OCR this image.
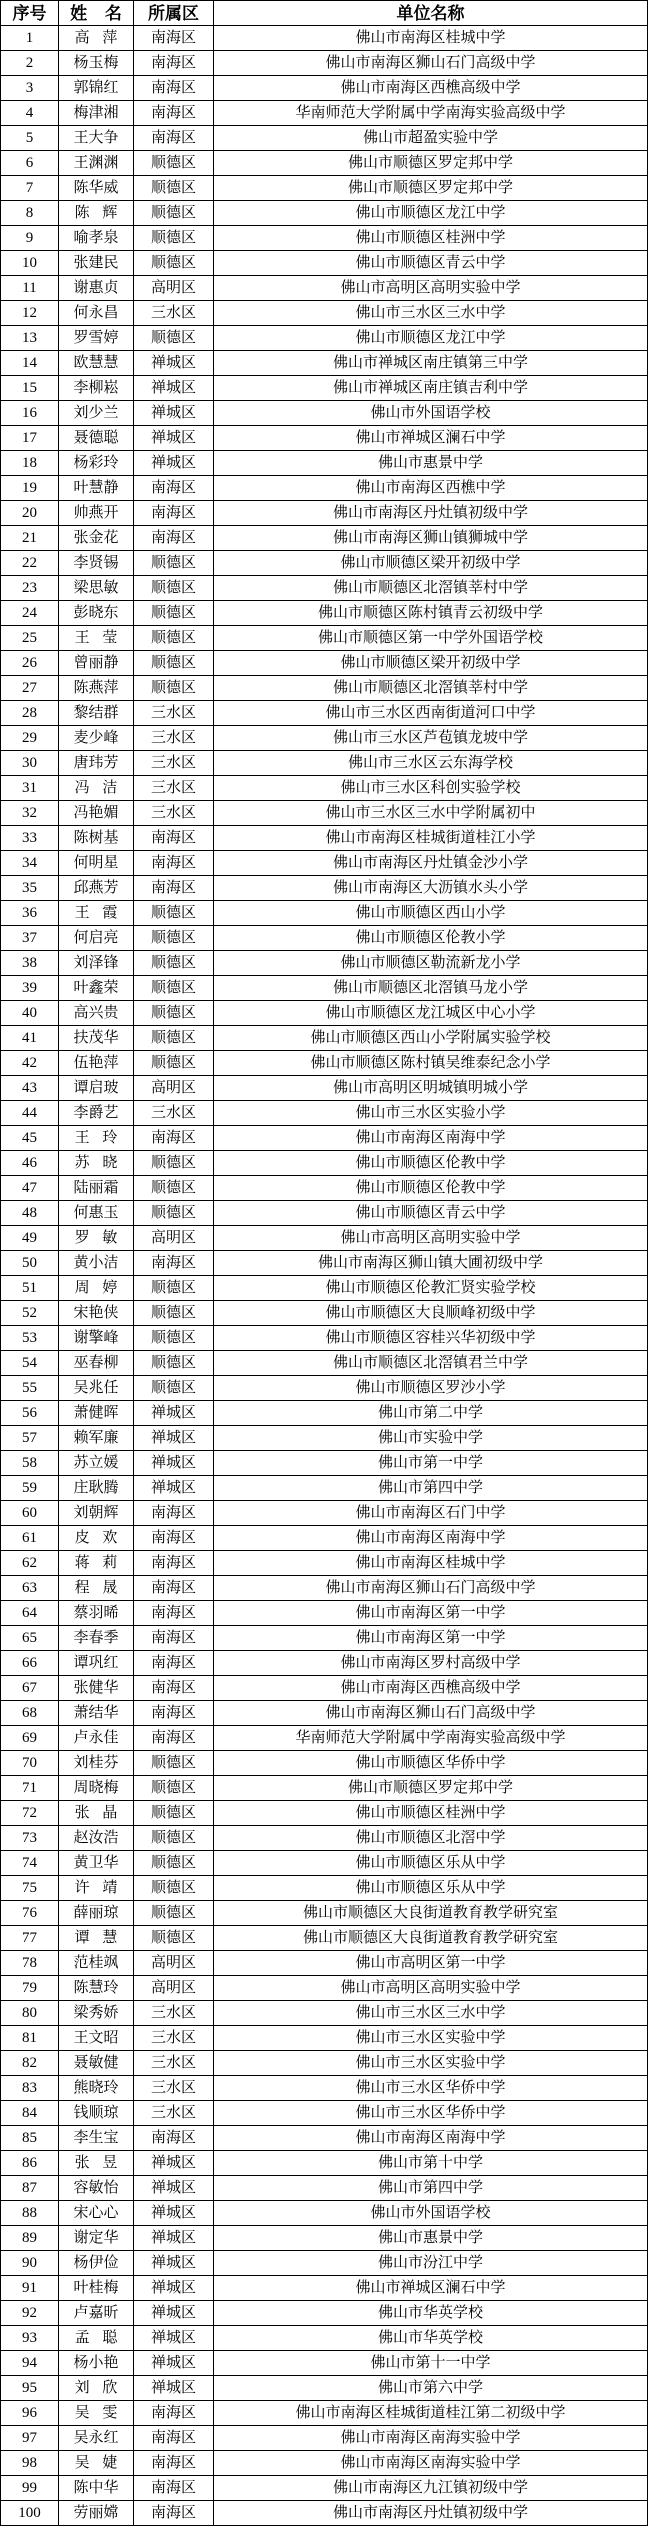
序号	姓 名	所属区	单位名称
1	高 萍	南海区	佛山市南海区桂城中学
2	杨玉梅	南海区	佛山市南海区狮山石门高级中学
3	郭锦红	南海区	佛山市南海区西樵高级中学
4	梅津湘	南海区	华南师范大学附属中学南海实验高级中学
5	王大争	南海区	佛山市超盈实验中学
6	王渊渊	顺德区	佛山市顺德区罗定邦中学
7	陈华威	顺德区	佛山市顺德区罗定邦中学
8	陈 辉	顺德区	佛山市顺德区龙江中学
9	喻孝泉	顺德区	佛山市顺德区桂洲中学
10	张建民	顺德区	佛山市顺德区青云中学
11	谢惠贞	高明区	佛山市高明区高明实验中学
12	何永昌	三水区	佛山市三水区三水中学
13	罗雪婷	顺德区	佛山市顺德区龙江中学
14	欧慧慧	禅城区	佛山市禅城区南庄镇第三中学
15	李柳崧	禅城区	佛山市禅城区南庄镇吉利中学
16	刘少兰	禅城区	佛山市外国语学校
17	聂德聪	禅城区	佛山市禅城区澜石中学
18	杨彩玲	禅城区	佛山市惠景中学
19	叶慧静	南海区	佛山市南海区西樵中学
20	帅燕开	南海区	佛山市南海区丹灶镇初级中学
21	张金花	南海区	佛山市南海区狮山镇狮城中学
22	李贤锡	顺德区	佛山市顺德区梁开初级中学
23	梁思敏	顺德区	佛山市顺德区北滘镇莘村中学
24	彭晓东	顺德区	佛山市顺德区陈村镇青云初级中学
25	王 莹	顺德区	佛山市顺德区第一中学外国语学校
26	曾丽静	顺德区	佛山市顺德区梁开初级中学
27	陈燕萍	顺德区	佛山市顺德区北滘镇莘村中学
28	黎结群	三水区	佛山市三水区西南街道河口中学
29	麦少峰	三水区	佛山市三水区芦苞镇龙坡中学
30	唐玮芳	三水区	佛山市三水区云东海学校
31	冯 洁	三水区	佛山市三水区科创实验学校
32	冯艳媚	三水区	佛山市三水区三水中学附属初中
33	陈树基	南海区	佛山市南海区桂城街道桂江小学
34	何明星	南海区	佛山市南海区丹灶镇金沙小学
35	邱燕芳	南海区	佛山市南海区大沥镇水头小学
36	王 霞	顺德区	佛山市顺德区西山小学
37	何启亮	顺德区	佛山市顺德区伦教小学
38	刘泽锋	顺德区	佛山市顺德区勒流新龙小学
39	叶鑫荣	顺德区	佛山市顺德区北滘镇马龙小学
40	高兴贵	顺德区	佛山市顺德区龙江城区中心小学
41	扶茂华	顺德区	佛山市顺德区西山小学附属实验学校
42	伍艳萍	顺德区	佛山市顺德区陈村镇吴维泰纪念小学
43	谭启玻	高明区	佛山市高明区明城镇明城小学
44	李爵艺	三水区	佛山市三水区实验小学
45	王 玲	南海区	佛山市南海区南海中学
46	苏 晓	顺德区	佛山市顺德区伦教中学
47	陆丽霜	顺德区	佛山市顺德区伦教中学
48	何惠玉	顺德区	佛山市顺德区青云中学
49	罗 敏	高明区	佛山市高明区高明实验中学
50	黄小洁	南海区	佛山市南海区狮山镇大圃初级中学
51	周 婷	顺德区	佛山市顺德区伦教汇贤实验学校
52	宋艳侠	顺德区	佛山市顺德区大良顺峰初级中学
53	谢擎峰	顺德区	佛山市顺德区容桂兴华初级中学
54	巫春柳	顺德区	佛山市顺德区北滘镇君兰中学
55	吴兆任	顺德区	佛山市顺德区罗沙小学
56	萧健晖	禅城区	佛山市第二中学
57	赖军廉	禅城区	佛山市实验中学
58	苏立媛	禅城区	佛山市第一中学
59	庄耿腾	禅城区	佛山市第四中学
60	刘朝辉	南海区	佛山市南海区石门中学
61	皮 欢	南海区	佛山市南海区南海中学
62	蒋 莉	南海区	佛山市南海区桂城中学
63	程 晟	南海区	佛山市南海区狮山石门高级中学
64	蔡羽晞	南海区	佛山市南海区第一中学
65	李春季	南海区	佛山市南海区第一中学
66	谭巩红	南海区	佛山市南海区罗村高级中学
67	张健华	南海区	佛山市南海区西樵高级中学
68	萧结华	南海区	佛山市南海区狮山石门高级中学
69	卢永佳	南海区	华南师范大学附属中学南海实验高级中学
70	刘桂芬	顺德区	佛山市顺德区华侨中学
71	周晓梅	顺德区	佛山市顺德区罗定邦中学
72	张 晶	顺德区	佛山市顺德区桂洲中学
73	赵汝浩	顺德区	佛山市顺德区北滘中学
74	黄卫华	顺德区	佛山市顺德区乐从中学
75	许 靖	顺德区	佛山市顺德区乐从中学
76	薛丽琼	顺德区	佛山市顺德区大良街道教育教学研究室
77	谭 慧	顺德区	佛山市顺德区大良街道教育教学研究室
78	范桂飒	高明区	佛山市高明区第一中学
79	陈慧玲	高明区	佛山市高明区高明实验中学
80	梁秀娇	三水区	佛山市三水区三水中学
81	王文昭	三水区	佛山市三水区实验中学
82	聂敏健	三水区	佛山市三水区实验中学
83	熊晓玲	三水区	佛山市三水区华侨中学
84	钱顺琼	三水区	佛山市三水区华侨中学
85	李生宝	南海区	佛山市南海区南海中学
86	张 昱	禅城区	佛山市第十中学
87	容敏怡	禅城区	佛山市第四中学
88	宋心心	禅城区	佛山市外国语学校
89	谢定华	禅城区	佛山市惠景中学
90	杨伊俭	禅城区	佛山市汾江中学
91	叶桂梅	禅城区	佛山市禅城区澜石中学
92	卢嘉昕	禅城区	佛山市华英学校
93	孟 聪	禅城区	佛山市华英学校
94	杨小艳	禅城区	佛山市第十一中学
95	刘 欣	禅城区	佛山市第六中学
96	吴 雯	南海区	佛山市南海区桂城街道桂江第二初级中学
97	吴永红	南海区	佛山市南海区南海实验中学
98	吴 婕	南海区	佛山市南海区南海实验中学
99	陈中华	南海区	佛山市南海区九江镇初级中学
100	劳丽嫦	南海区	佛山市南海区丹灶镇初级中学
